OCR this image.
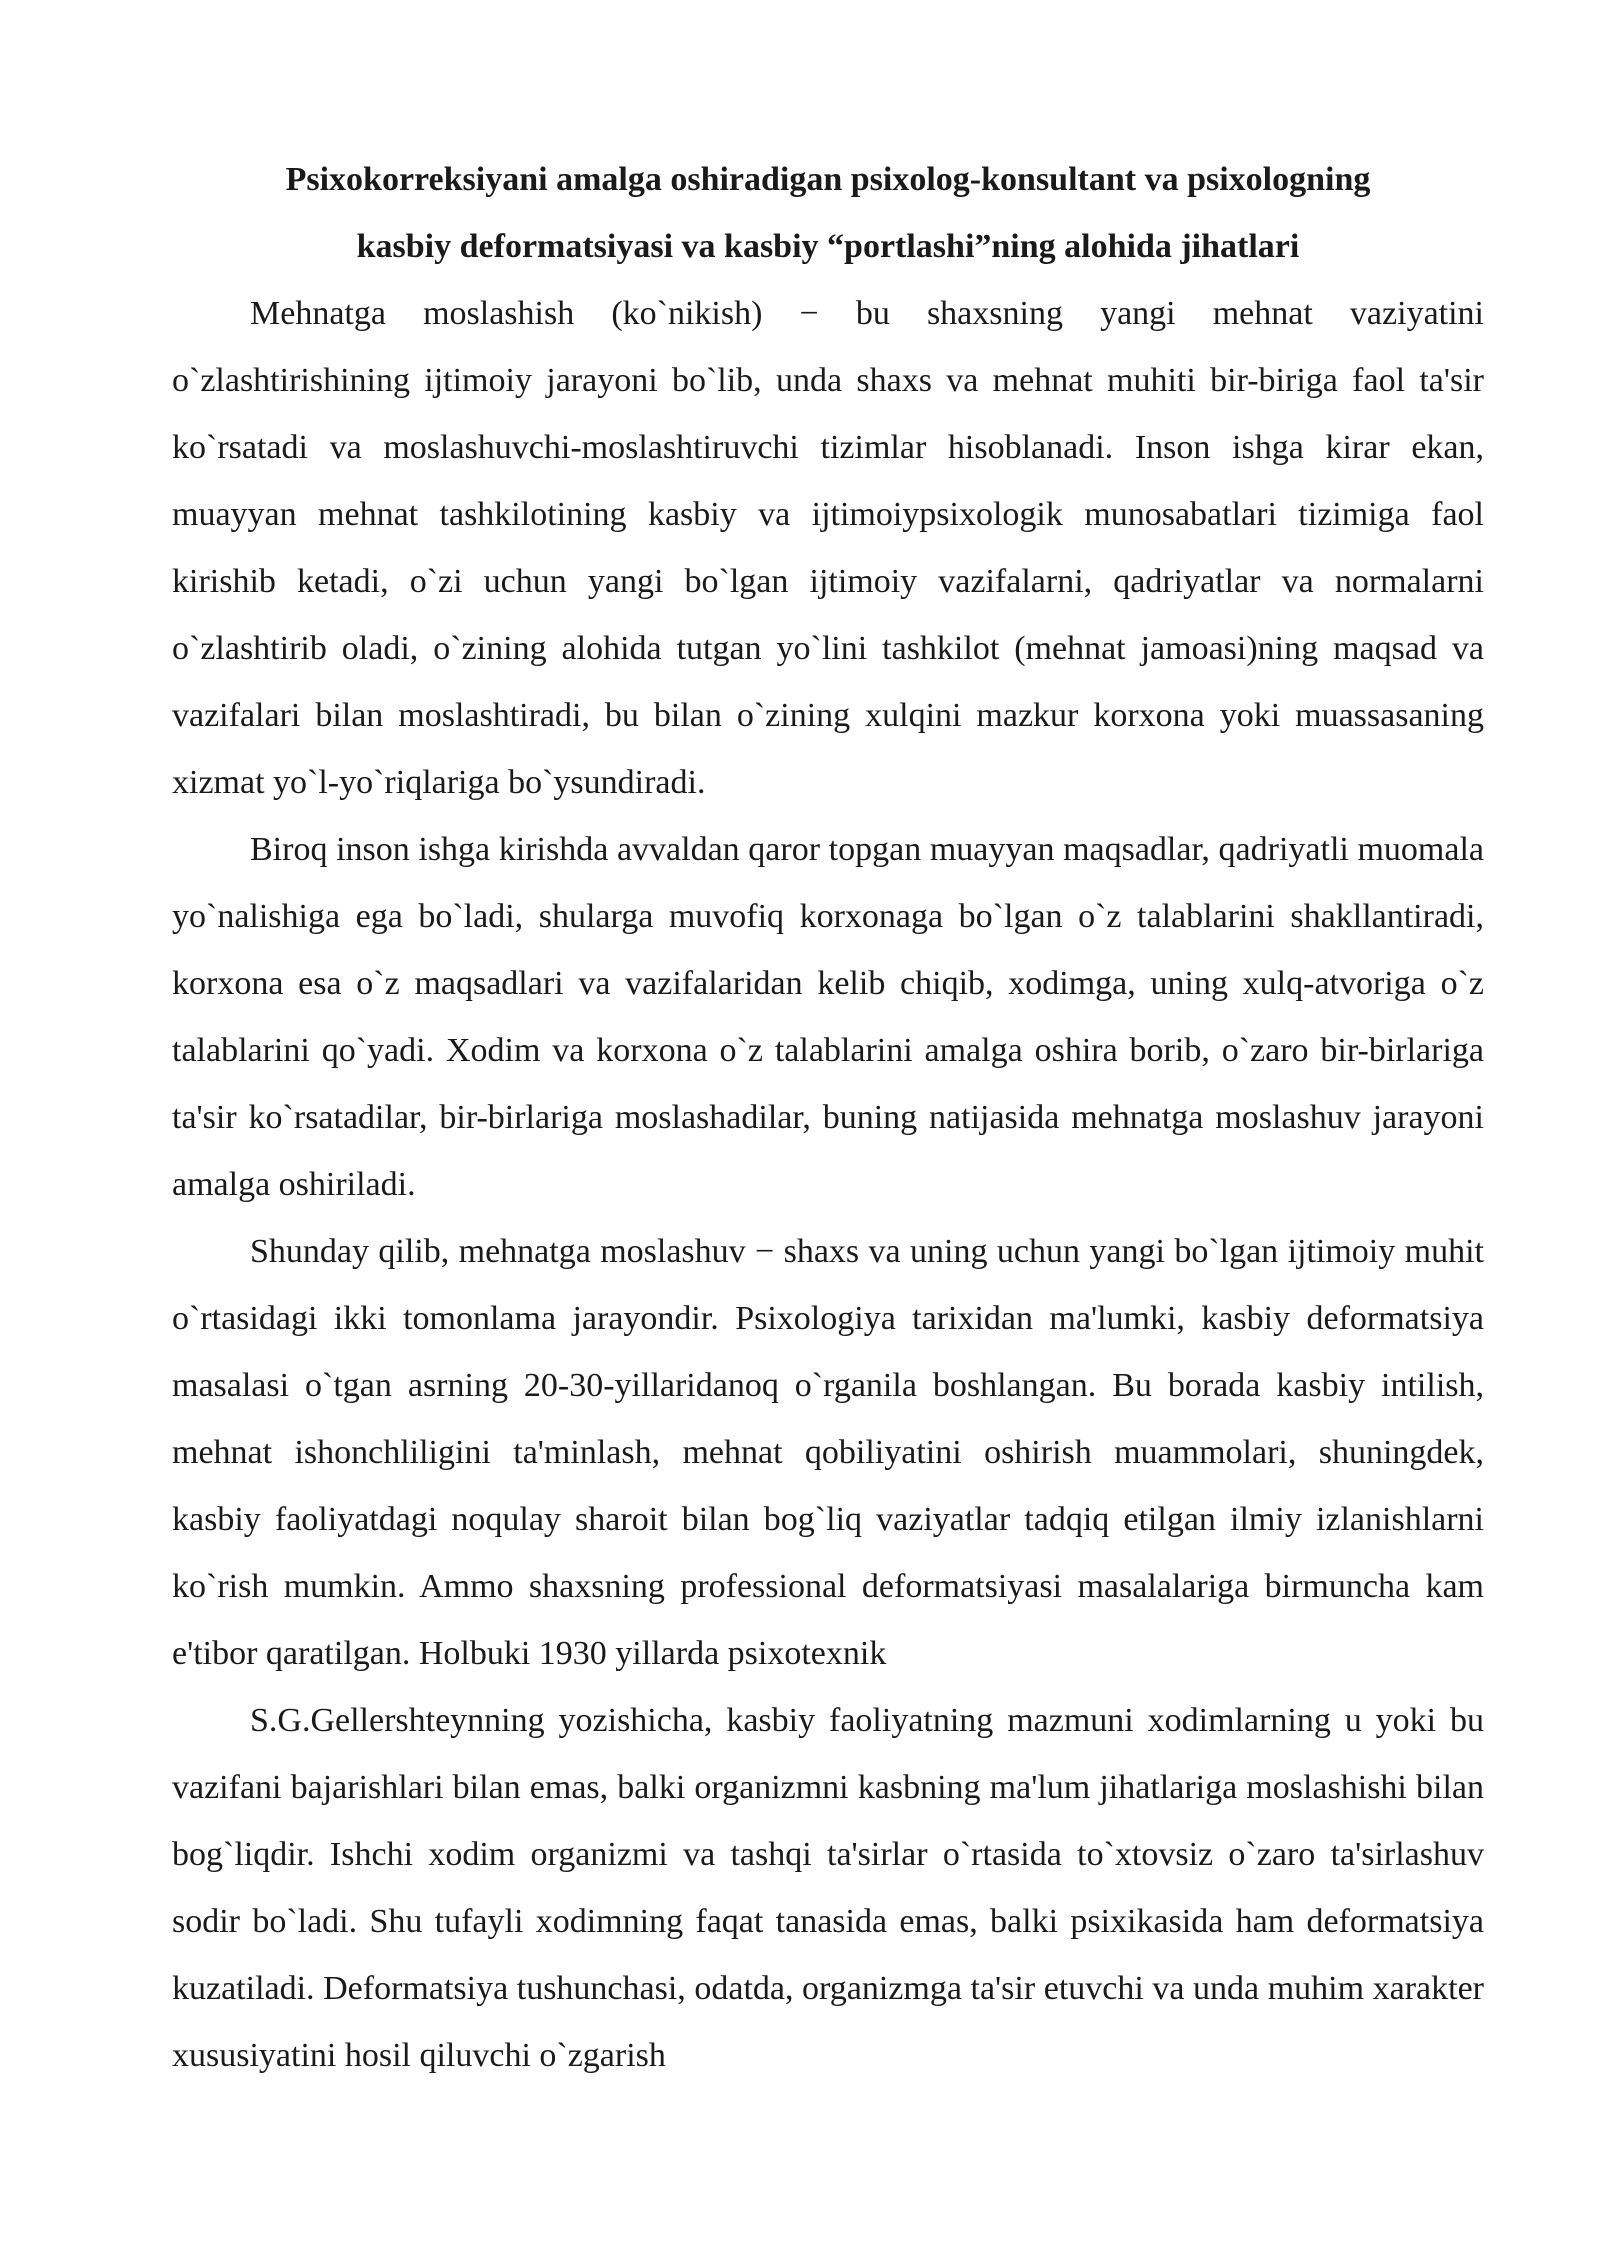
Psixokorreksiyani amalga oshiradigan psixolog-konsultant va psixologning
kasbiy deformatsiyasi va kasbiy “portlashi”ning alohida jihatlari

Mehnatga moslashish (ko`nikish) − bu shaxsning yangi mehnat vaziyatini o`zlashtirishining ijtimoiy jarayoni bo`lib, unda shaxs va mehnat muhiti bir-biriga faol ta'sir ko`rsatadi va moslashuvchi-moslashtiruvchi tizimlar hisoblanadi. Inson ishga kirar ekan, muayyan mehnat tashkilotining kasbiy va ijtimoiypsixologik munosabatlari tizimiga faol kirishib ketadi, o`zi uchun yangi bo`lgan ijtimoiy vazifalarni, qadriyatlar va normalarni o`zlashtirib oladi, o`zining alohida tutgan yo`lini tashkilot (mehnat jamoasi)ning maqsad va vazifalari bilan moslashtiradi, bu bilan o`zining xulqini mazkur korxona yoki muassasaning xizmat yo`l-yo`riqlariga bo`ysundiradi.

Biroq inson ishga kirishda avvaldan qaror topgan muayyan maqsadlar, qadriyatli muomala yo`nalishiga ega bo`ladi, shularga muvofiq korxonaga bo`lgan o`z talablarini shakllantiradi, korxona esa o`z maqsadlari va vazifalaridan kelib chiqib, xodimga, uning xulq-atvoriga o`z talablarini qo`yadi. Xodim va korxona o`z talablarini amalga oshira borib, o`zaro bir-birlariga ta'sir ko`rsatadilar, bir-birlariga moslashadilar, buning natijasida mehnatga moslashuv jarayoni amalga oshiriladi.

Shunday qilib, mehnatga moslashuv − shaxs va uning uchun yangi bo`lgan ijtimoiy muhit o`rtasidagi ikki tomonlama jarayondir. Psixologiya tarixidan ma'lumki, kasbiy deformatsiya masalasi o`tgan asrning 20-30-yillaridanoq o`rganila boshlangan. Bu borada kasbiy intilish, mehnat ishonchliligini ta'minlash, mehnat qobiliyatini oshirish muammolari, shuningdek, kasbiy faoliyatdagi noqulay sharoit bilan bog`liq vaziyatlar tadqiq etilgan ilmiy izlanishlarni ko`rish mumkin. Ammo shaxsning professional deformatsiyasi masalalariga birmuncha kam e'tibor qaratilgan. Holbuki 1930 yillarda psixotexnik

S.G.Gellershteynning yozishicha, kasbiy faoliyatning mazmuni xodimlarning u yoki bu vazifani bajarishlari bilan emas, balki organizmni kasbning ma'lum jihatlariga moslashishi bilan bog`liqdir. Ishchi xodim organizmi va tashqi ta'sirlar o`rtasida to`xtovsiz o`zaro ta'sirlashuv sodir bo`ladi. Shu tufayli xodimning faqat tanasida emas, balki psixikasida ham deformatsiya kuzatiladi. Deformatsiya tushunchasi, odatda, organizmga ta'sir etuvchi va unda muhim xarakter xususiyatini hosil qiluvchi o`zgarish
